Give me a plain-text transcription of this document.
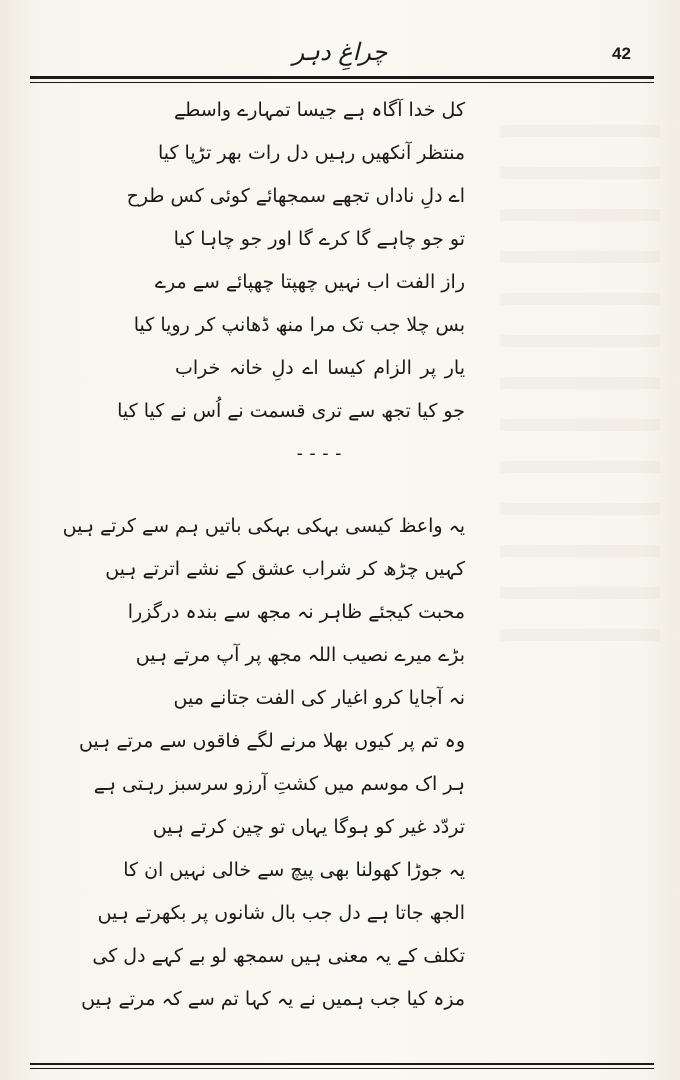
چراغِ دہر	42
کل خدا آگاہ ہے جیسا تمہارے واسطے
منتظر آنکھیں رہیں دل رات بھر تڑپا کیا
اے دلِ ناداں تجھے سمجھائے کوئی کس طرح
تو جو چاہے گا کرے گا اور جو چاہا کیا
راز الفت اب نہیں چھپتا چھپائے سے مرے
بس چلا جب تک مرا منھ ڈھانپ کر رویا کیا
یار پر الزام کیسا اے دلِ خانہ خراب
جو کیا تجھ سے تری قسمت نے اُس نے کیا کیا
----
یہ واعظ کیسی بہکی بہکی باتیں ہم سے کرتے ہیں
کہیں چڑھ کر شراب عشق کے نشے اترتے ہیں
محبت کیجئے ظاہر نہ مجھ سے بندہ درگزرا
بڑے میرے نصیب اللہ مجھ پر آپ مرتے ہیں
نہ آجایا کرو اغیار کی الفت جتانے میں
وہ تم پر کیوں بھلا مرنے لگے فاقوں سے مرتے ہیں
ہر اک موسم میں کشتِ آرزو سرسبز رہتی ہے
تردّد غیر کو ہوگا یہاں تو چین کرتے ہیں
یہ جوڑا کھولنا بھی پیچ سے خالی نہیں ان کا
الجھ جاتا ہے دل جب بال شانوں پر بکھرتے ہیں
تکلف کے یہ معنی ہیں سمجھ لو بے کہے دل کی
مزہ کیا جب ہمیں نے یہ کہا تم سے کہ مرتے ہیں
